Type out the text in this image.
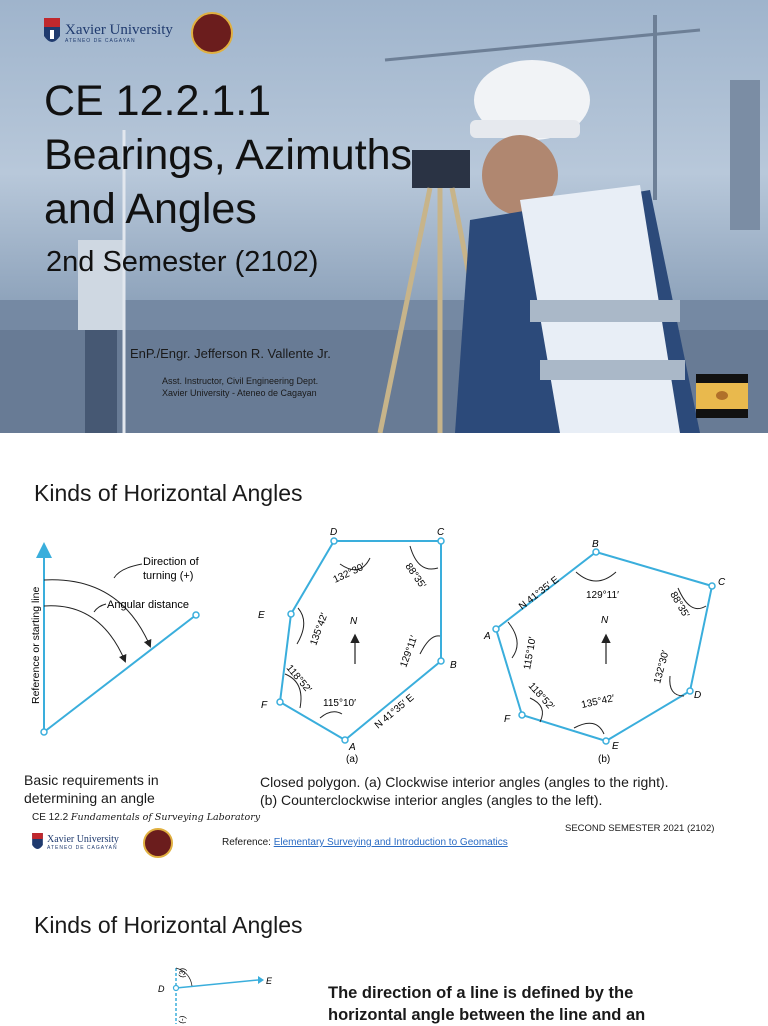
Xavier University
ATENEO DE CAGAYAN
CE 12.2.1.1
Bearings, Azimuths
and Angles
2nd Semester (2102)
EnP./Engr. Jefferson R. Vallente Jr.
Asst. Instructor, Civil Engineering Dept.
Xavier University - Ateneo de Cagayan
Kinds of Horizontal Angles
Direction of
turning (+)
Angular distance
Reference or starting line
A
B
C
D
E
F
132°30′	88°35′
135°42′
129°11′
118°52′
115°10′ N 41°35′ E
N
(a)
A
B
C
D
E
F
129°11′	88°35′
115°10′	132°30′
118°52′ 135°42′
N 41°35′ E
N
(b)
Basic requirements in
determining an angle
Closed polygon. (a) Clockwise interior angles (angles to the right).
(b) Counterclockwise interior angles (angles to the left).
CE 12.2 Fundamentals of Surveying Laboratory
Xavier University
ATENEO DE CAGAYAN
SECOND SEMESTER 2021 (2102)
Reference: Elementary Surveying and Introduction to Geomatics
Kinds of Horizontal Angles
D
E
(3)
(-)
The direction of a line is defined by the
horizontal angle between the line and an
